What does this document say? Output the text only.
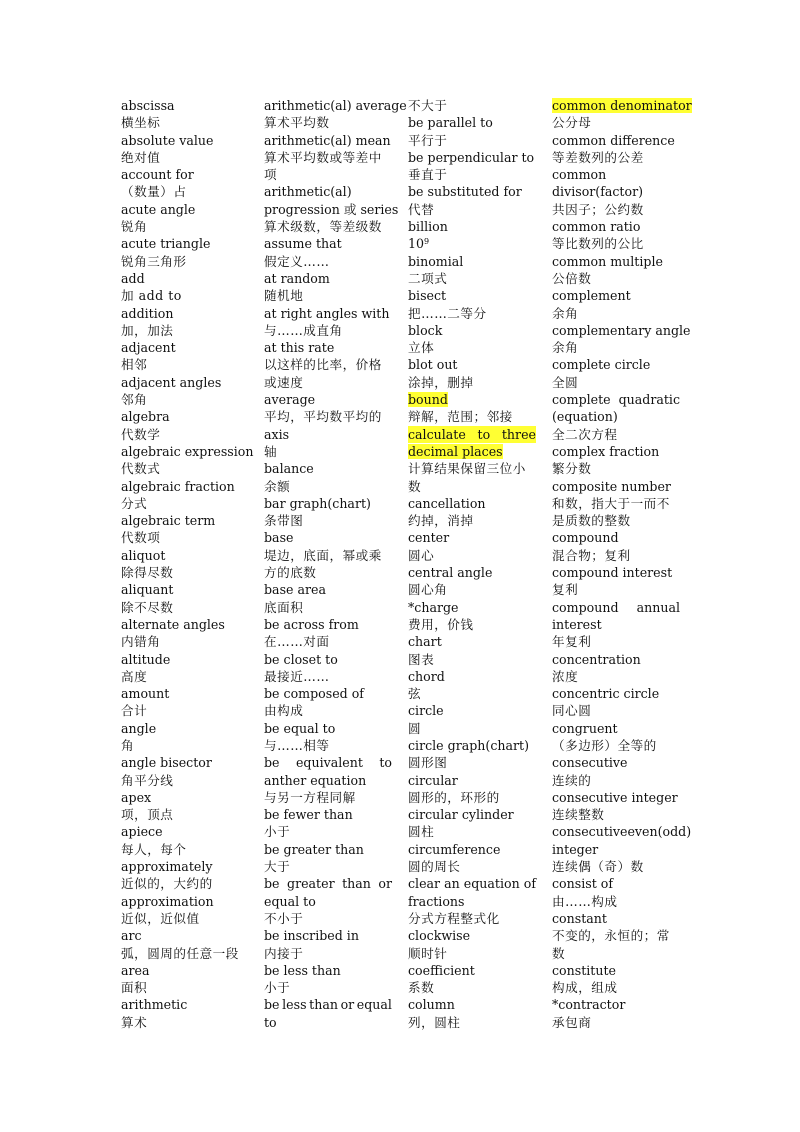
abscissa
横坐标
absolute value
绝对值
account for
（数量）占
acute angle
锐角
acute triangle
锐角三角形
add
加 add to
addition
加，加法
adjacent
相邻
adjacent angles
邻角
algebra
代数学
algebraic expression
代数式
algebraic fraction
分式
algebraic term
代数项
aliquot
除得尽数
aliquant
除不尽数
alternate angles
内错角
altitude
高度
amount
合计
angle
角
angle bisector
角平分线
apex
项，顶点
apiece
每人，每个
approximately
近似的，大约的
approximation
近似，近似值
arc
弧，圆周的任意一段
area
面积
arithmetic
算术
arithmetic(al) average
算术平均数
arithmetic(al) mean
算术平均数或等差中
项
arithmetic(al)
progression 或 series
算术级数，等差级数
assume that
假定义……
at random
随机地
at right angles with
与……成直角
at this rate
以这样的比率，价格
或速度
average
平均，平均数平均的
axis
轴
balance
余额
bar graph(chart)
条带图
base
堤边，底面，幂或乘
方的底数
base area
底面积
be across from
在……对面
be closet to
最接近……
be composed of
由构成
be equal to
与……相等
be equivalent to
anther equation
与另一方程同解
be fewer than
小于
be greater than
大于
be greater than or
equal to
不小于
be inscribed in
内接于
be less than
小于
be less than or equal
to
不大于
be parallel to
平行于
be perpendicular to
垂直于
be substituted for
代替
billion
$10^9$
binomial
二项式
bisect
把……二等分
block
立体
blot out
涂掉，删掉
bound
辩解，范围；邻接
calculate to three
decimal places
计算结果保留三位小
数
cancellation
约掉，消掉
center
圆心
central angle
圆心角
*charge
费用，价钱
chart
图表
chord
弦
circle
圆
circle graph(chart)
圆形图
circular
圆形的，环形的
circular cylinder
圆柱
circumference
圆的周长
clear an equation of
fractions
分式方程整式化
clockwise
顺时针
coefficient
系数
column
列，圆柱
common denominator
公分母
common difference
等差数列的公差
common
divisor(factor)
共因子；公约数
common ratio
等比数列的公比
common multiple
公倍数
complement
余角
complementary angle
余角
complete circle
全圆
complete quadratic
(equation)
全二次方程
complex fraction
繁分数
composite number
和数，指大于一而不
是质数的整数
compound
混合物；复利
compound interest
复利
compound annual
interest
年复利
concentration
浓度
concentric circle
同心圆
congruent
（多边形）全等的
consecutive
连续的
consecutive integer
连续整数
consecutive even(odd)
integer
连续偶（奇）数
consist of
由……构成
constant
不变的，永恒的；常
数
constitute
构成，组成
*contractor
承包商
